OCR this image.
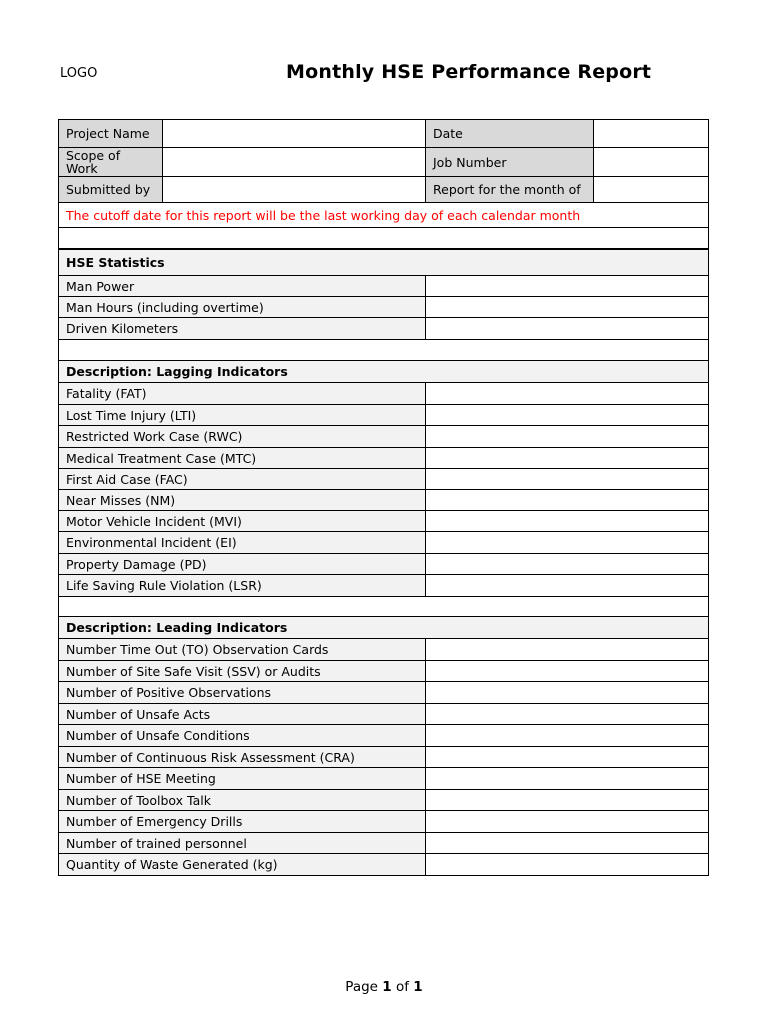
LOGO	Monthly HSE Performance Report
Project Name		Date	
Scope of Work		Job Number	
Submitted by		Report for the month of	
The cutoff date for this report will be the last working day of each calendar month			

HSE Statistics	
Man Power	
Man Hours (including overtime)	
Driven Kilometers	

Description: Lagging Indicators	
Fatality (FAT)	
Lost Time Injury (LTI)	
Restricted Work Case (RWC)	
Medical Treatment Case (MTC)	
First Aid Case (FAC)	
Near Misses (NM)	
Motor Vehicle Incident (MVI)	
Environmental Incident (EI)	
Property Damage (PD)	
Life Saving Rule Violation (LSR)	

Description: Leading Indicators	
Number Time Out (TO) Observation Cards	
Number of Site Safe Visit (SSV) or Audits	
Number of Positive Observations	
Number of Unsafe Acts	
Number of Unsafe Conditions	
Number of Continuous Risk Assessment (CRA)	
Number of HSE Meeting	
Number of Toolbox Talk	
Number of Emergency Drills	
Number of trained personnel	
Quantity of Waste Generated (kg)	
Page 1 of 1
